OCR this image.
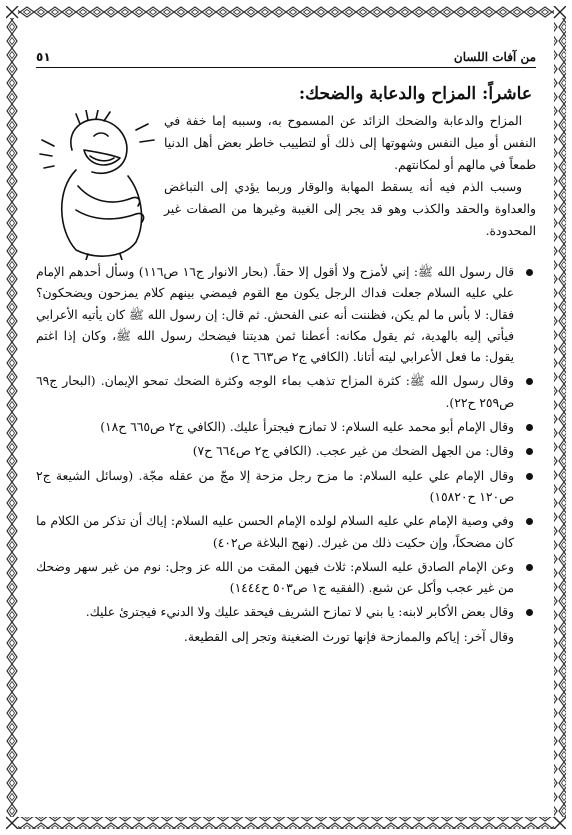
من آفات اللسان
٥١
عاشراً: المزاح والدعابة والضحك:

المزاح والدعابة والضحك الزائد عن المسموح به، وسببه إما خفة في النفس أو ميل النفس وشهوتها إلى ذلك أو لتطييب خاطر بعض أهل الدنيا طمعاً في مالهم أو لمكانتهم.

وسبب الذم فيه أنه يسقط المهابة والوقار وربما يؤدي إلى التباغض والعداوة والحقد والكذب وهو قد يجر إلى الغيبة وغيرها من الصفات غير المحدودة.

قال رسول الله ﷺ: إني لأمزح ولا أقول إلا حقاً. (بحار الانوار ج١٦ ص١١٦) وسأل أحدهم الإمام علي عليه السلام جعلت فداك الرجل يكون مع القوم فيمضي بينهم كلام يمزحون ويضحكون؟ فقال: لا بأس ما لم يكن، فظننت أنه عنى الفحش. ثم قال: إن رسول الله ﷺ كان يأتيه الأعرابي فيأتي إليه بالهدية، ثم يقول مكانه: أعطنا ثمن هديتنا فيضحك رسول الله ﷺ، وكان إذا اغتم يقول: ما فعل الأعرابي ليته أتانا. (الكافي ج٢ ص٦٦٣ ح١)
وقال رسول الله ﷺ: كثرة المزاح تذهب بماء الوجه وكثرة الضحك تمحو الإيمان. (البحار ج٦٩ ص٢٥٩ ح٢٢).
وقال الإمام أبو محمد عليه السلام: لا تمازح فيجترأ عليك. (الكافي ج٢ ص٦٦٥ ح١٨)
وقال: من الجهل الضحك من غير عجب. (الكافي ج٢ ص٦٦٤ ح٧)
وقال الإمام علي عليه السلام: ما مزح رجل مزحة إلا مجّ من عقله مجّة. (وسائل الشيعة ج٢ ص١٢٠ ح١٥٨٢٠)
وفي وصية الإمام علي عليه السلام لولده الإمام الحسن عليه السلام: إياك أن تذكر من الكلام ما كان مضحكاً، وإن حكيت ذلك من غيرك. (نهج البلاغة ص٤٠٢)
وعن الإمام الصادق عليه السلام: ثلاث فيهن المقت من الله عز وجل: نوم من غير سهر وضحك من غير عجب وأكل عن شبع. (الفقيه ج١ ص٥٠٣ ح١٤٤٤)
وقال بعض الأكابر لابنه: يا بني لا تمازح الشريف فيحقد عليك ولا الدنيء فيجترئ عليك.

وقال آخر: إياكم والممازحة فإنها تورث الضغينة وتجر إلى القطيعة.
